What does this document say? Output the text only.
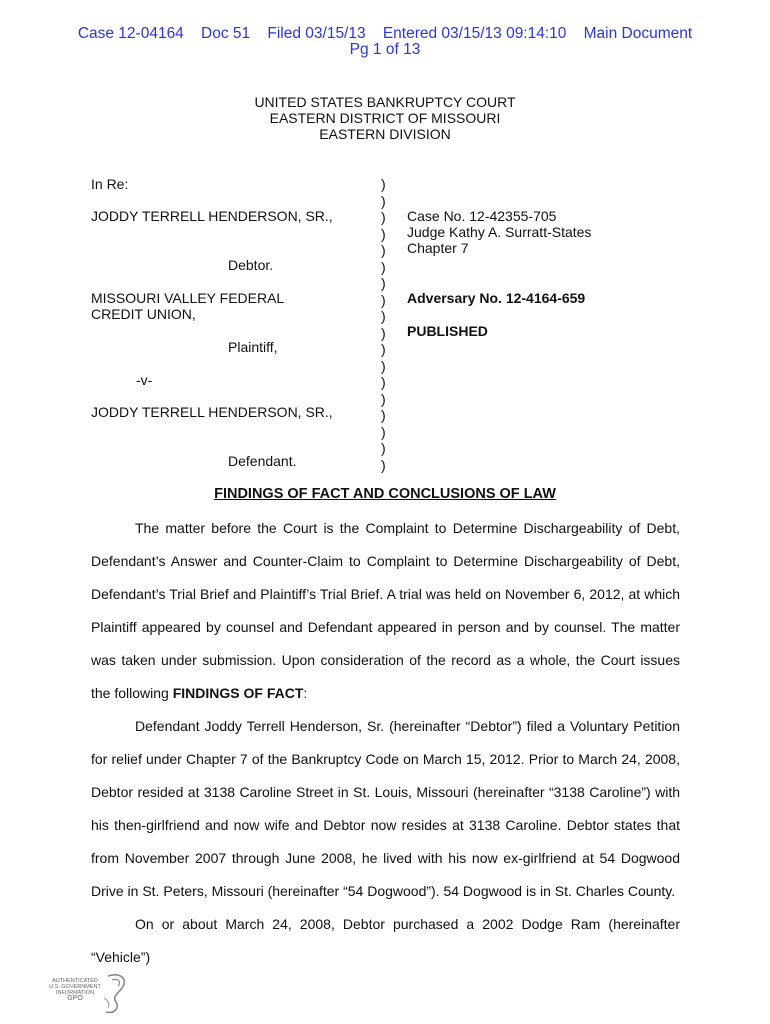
Case 12-04164    Doc 51    Filed 03/15/13    Entered 03/15/13 09:14:10    Main Document
Pg 1 of 13
UNITED STATES BANKRUPTCY COURT
EASTERN DISTRICT OF MISSOURI
EASTERN DIVISION
In Re:
JODDY TERRELL HENDERSON, SR.,
Debtor.
MISSOURI VALLEY FEDERAL
CREDIT UNION,
Plaintiff,
-v-
JODDY TERRELL HENDERSON, SR.,
Defendant.
)
)
)
)
)
)
)
)
)
)
)
)
)
)
)
)
)
)
Case No. 12-42355-705
Judge Kathy A. Surratt-States
Chapter 7
Adversary No. 12-4164-659
PUBLISHED
FINDINGS OF FACT AND CONCLUSIONS OF LAW

The matter before the Court is the Complaint to Determine Dischargeability of Debt, Defendant’s Answer and Counter-Claim to Complaint to Determine Dischargeability of Debt, Defendant’s Trial Brief and Plaintiff’s Trial Brief. A trial was held on November 6, 2012, at which Plaintiff appeared by counsel and Defendant appeared in person and by counsel. The matter was taken under submission. Upon consideration of the record as a whole, the Court issues the following FINDINGS OF FACT:

Defendant Joddy Terrell Henderson, Sr. (hereinafter “Debtor”) filed a Voluntary Petition for relief under Chapter 7 of the Bankruptcy Code on March 15, 2012. Prior to March 24, 2008, Debtor resided at 3138 Caroline Street in St. Louis, Missouri (hereinafter “3138 Caroline”) with his then-girlfriend and now wife and Debtor now resides at 3138 Caroline. Debtor states that from November 2007 through June 2008, he lived with his now ex-girlfriend at 54 Dogwood Drive in St. Peters, Missouri (hereinafter “54 Dogwood”). 54 Dogwood is in St. Charles County.

On or about March 24, 2008, Debtor purchased a 2002 Dodge Ram (hereinafter “Vehicle”)

AUTHENTICATED
U.S. GOVERNMENT
INFORMATION
GPO
